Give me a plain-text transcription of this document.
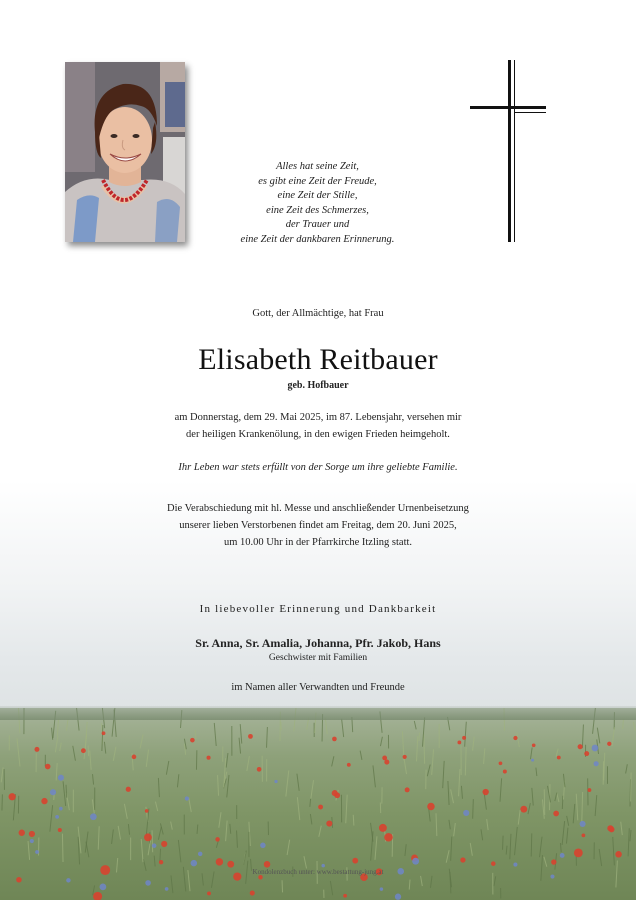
Alles hat seine Zeit,
es gibt eine Zeit der Freude,
eine Zeit der Stille,
eine Zeit des Schmerzes,
der Trauer und
eine Zeit der dankbaren Erinnerung.
Gott, der Allmächtige, hat Frau
Elisabeth Reitbauer
geb. Hofbauer
am Donnerstag, dem 29. Mai 2025, im 87. Lebensjahr, versehen mir
der heiligen Krankenölung, in den ewigen Frieden heimgeholt.
Ihr Leben war stets erfüllt von der Sorge um ihre geliebte Familie.
Die Verabschiedung mit hl. Messe und anschließender Urnenbeisetzung
unserer lieben Verstorbenen findet am Freitag, dem 20. Juni 2025,
um 10.00 Uhr in der Pfarrkirche Itzling statt.
In liebevoller Erinnerung und Dankbarkeit
Sr. Anna, Sr. Amalia, Johanna, Pfr. Jakob, Hans
Geschwister mit Familien
im Namen aller Verwandten und Freunde
Kondolenzbuch unter: www.bestattung-jung.at
